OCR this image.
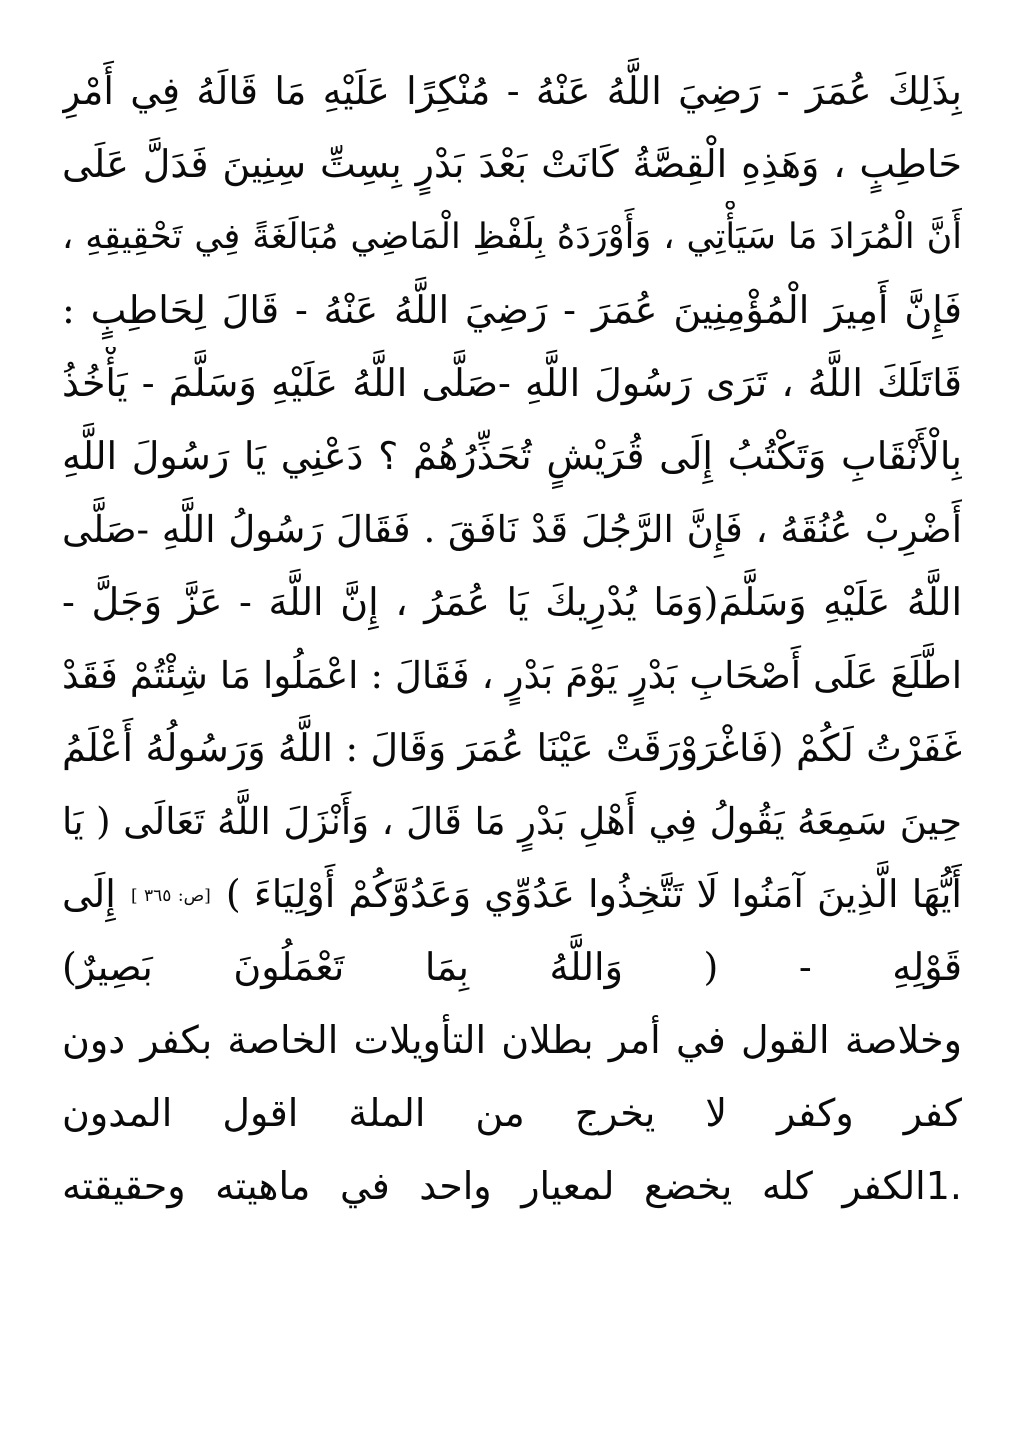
بِذَلِكَ عُمَرَ - رَضِيَ اللَّهُ عَنْهُ - مُنْكِرًا عَلَيْهِ مَا قَالَهُ فِي أَمْرِ
حَاطِبٍ ، وَهَذِهِ الْقِصَّةُ كَانَتْ بَعْدَ بَدْرٍ بِسِتِّ سِنِينَ فَدَلَّ عَلَى
أَنَّ الْمُرَادَ مَا سَيَأْتِي ، وَأَوْرَدَهُ بِلَفْظِ الْمَاضِي مُبَالَغَةً فِي تَحْقِيقِهِ ،
فَإِنَّ أَمِيرَ الْمُؤْمِنِينَ عُمَرَ - رَضِيَ اللَّهُ عَنْهُ - قَالَ لِحَاطِبٍ :
قَاتَلَكَ اللَّهُ ، تَرَى رَسُولَ اللَّهِ -صَلَّى اللَّهُ عَلَيْهِ وَسَلَّمَ - يَأْخُذُ
بِالْأَنْقَابِ وَتَكْتُبُ إِلَى قُرَيْشٍ تُحَذِّرُهُمْ ؟ دَعْنِي يَا رَسُولَ اللَّهِ
أَضْرِبْ عُنُقَهُ ، فَإِنَّ الرَّجُلَ قَدْ نَافَقَ . فَقَالَ رَسُولُ اللَّهِ -صَلَّى
اللَّهُ عَلَيْهِ وَسَلَّمَ(وَمَا يُدْرِيكَ يَا عُمَرُ ، إِنَّ اللَّهَ - عَزَّ وَجَلَّ -
اطَّلَعَ عَلَى أَصْحَابِ بَدْرٍ يَوْمَ بَدْرٍ ، فَقَالَ : اعْمَلُوا مَا شِئْتُمْ فَقَدْ
غَفَرْتُ لَكُمْ (فَاغْرَوْرَقَتْ عَيْنَا عُمَرَ وَقَالَ : اللَّهُ وَرَسُولُهُ أَعْلَمُ
حِينَ سَمِعَهُ يَقُولُ فِي أَهْلِ بَدْرٍ مَا قَالَ ، وَأَنْزَلَ اللَّهُ تَعَالَى ( يَا
أَيُّهَا الَّذِينَ آمَنُوا لَا تَتَّخِذُوا عَدُوِّي وَعَدُوَّكُمْ أَوْلِيَاءَ ) [ص: ٣٦٥ ] إِلَى
قَوْلِهِ - ( وَاللَّهُ بِمَا تَعْمَلُونَ بَصِيرٌ)
وخلاصة القول في أمر بطلان التأويلات الخاصة بكفر دون
كفر وكفر لا يخرج من الملة اقول المدون
.1الكفر كله يخضع لمعيار واحد في ماهيته وحقيقته
